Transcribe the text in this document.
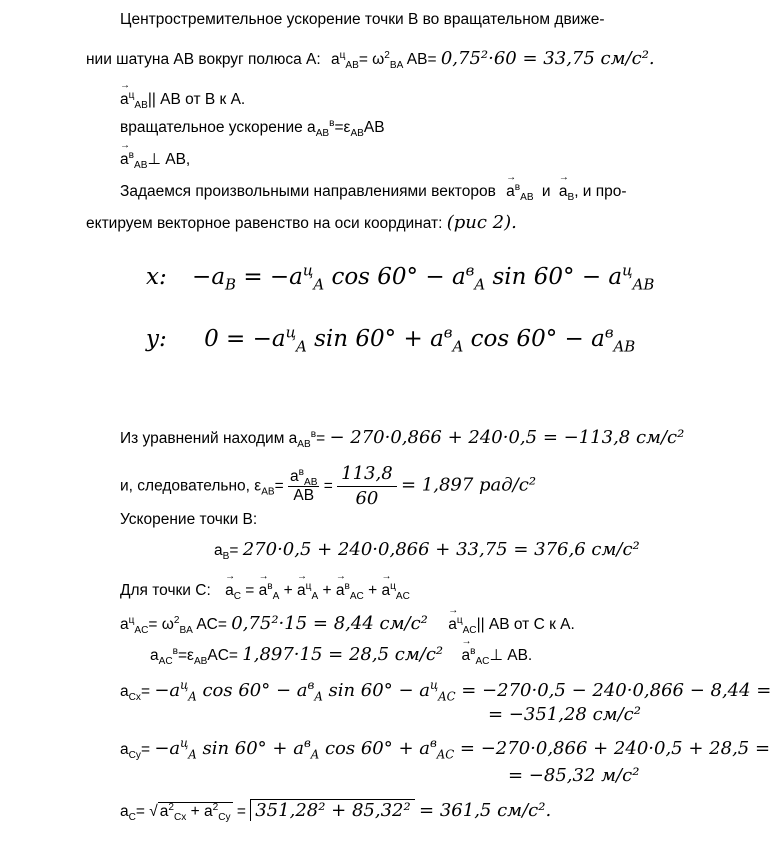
Центростремительное ускорение точки В во вращательном движе-
нии шатуна АВ вокруг полюса А: $a^ц_{AB}= \omega^2_{BA}$ AB= 0,75²·60 = 33,75 см/с².
→ $a^ц_{AB}||$ АВ от В к А.
вращательное ускорение $a_{AB}^в=\varepsilon_{AB}AB$
→ $a^в_{AB}\perp$ АВ,
Задаемся произвольными направлениями векторов → $a^в_{AB}$ $и \to a_B$, и про-
ектируем векторное равенство на оси координат: (рис 2).
x: $-a_B = -a^ц_A$ $\cos 60^\circ - a^в_A$ $\sin 60^\circ - a^ц_{AB}$
y: $0 = -a^ц_A$ $\sin 60^\circ + a^в_A$ $\cos 60^\circ - a^в_{AB}$
Из уравнений находим $a_{AB}^в= - 270\cdot 0,866 + 240\cdot 0,5 = -113,8$ см/с²
и, следовательно, $\varepsilon_{AB}= \frac{a^в_{AB}}{AB} = \frac{113,8}{60} = 1,897$ рад/с²
Ускорение точки В:
$a_B= 270\cdot 0,5 + 240\cdot 0,866 + 33,75 = 376,6$ см/с²
Для точки С: → $a_C$ = → $a^в_A$ + → $a^ц_A$ + → $a^в_{AC}$ + → $a^ц_{AC}$
$a^ц_{AC}= \omega^2_{BA}$ AC= 0,75²·15 = 8,44 $см/с^2 \to a^ц_{AC}||$ АВ от С к А.
$a_{AC}^в=\varepsilon_{AB}AC= 1,897\cdot 15 = 28,5$ $см/с^2 \to a^в_{AC}\perp$ АВ.
$a_{Cx}= -a^ц_A$ $\cos 60^\circ - a^в_A$ $\sin 60^\circ - a^ц_{AC} = -270\cdot 0,5 - 240\cdot 0,866 - 8,44$ =
= −351,28 см/с²
$a_{Cy}= -a^ц_A$ $\sin 60^\circ + a^в_A$ $\cos 60^\circ + a^в_{AC} = -270\cdot 0,866 + 240\cdot 0,5 + 28,5$ =
= −85,32 м/с²
$a_C=$ √ $a^2_{Cx} + a^2_{Cy} = 351,28^2 + 85,32^2 = 361,5$ см/с².
